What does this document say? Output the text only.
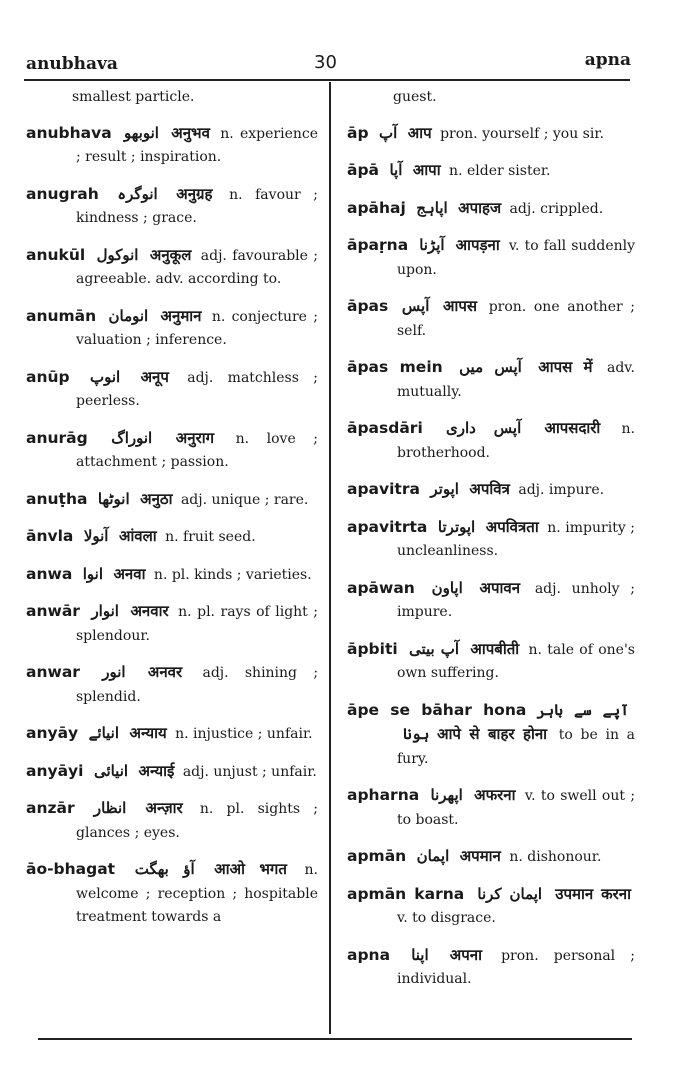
anubhava	30	apna
smallest particle.
anubhava انوبھو अनुभव n. experience ; result ; inspiration.
anugrah انوگرہ अनुग्रह n. favour ; kindness ; grace.
anukūl انوکول अनुकूल adj. favourable ; agreeable. adv. according to.
anumān انومان अनुमान n. conjecture ; valuation ; inference.
anūp انوپ अनूप adj. matchless ; peerless.
anurāg انوراگ अनुराग n. love ; attachment ; passion.
anuṭha انوٹھا अनुठा adj. unique ; rare.
ānvla آنولا आंवला n. fruit seed.
anwa انوا अनवा n. pl. kinds ; varieties.
anwār انوار अनवार n. pl. rays of light ; splendour.
anwar انور अनवर adj. shining ; splendid.
anyāy انیائے अन्याय n. injustice ; unfair.
anyāyi انیائی अन्याई adj. unjust ; unfair.
anzār انظار अन्ज़ार n. pl. sights ; glances ; eyes.
āo-bhagat آؤ بھگت आओ भगत n. welcome ; reception ; hospitable treatment towards a
guest.
āp آپ आप pron. yourself ; you sir.
āpā آپا आपा n. elder sister.
apāhaj اپاہج अपाहज adj. crippled.
āpaṛna آپڑنا आपड़ना v. to fall suddenly upon.
āpas آپس आपस pron. one another ; self.
āpas mein آپس میں आपस में adv. mutually.
āpasdāri آپس داری आपसदारी n. brotherhood.
apavitra اپوتر अपवित्र adj. impure.
apavitrta اپوترتا अपवित्रता n. impurity ; uncleanliness.
apāwan اپاون अपावन adj. unholy ; impure.
āpbiti آپ بیتی आपबीती n. tale of one's own suffering.
āpe se bāhar hona آپے سے باہر ہونا आपे से बाहर होना to be in a fury.
apharna اپھرنا अफरना v. to swell out ; to boast.
apmān اپمان अपमान n. dishonour.
apmān karna اپمان کرنا उपमान करना v. to disgrace.
apna اپنا अपना pron. personal ; individual.
